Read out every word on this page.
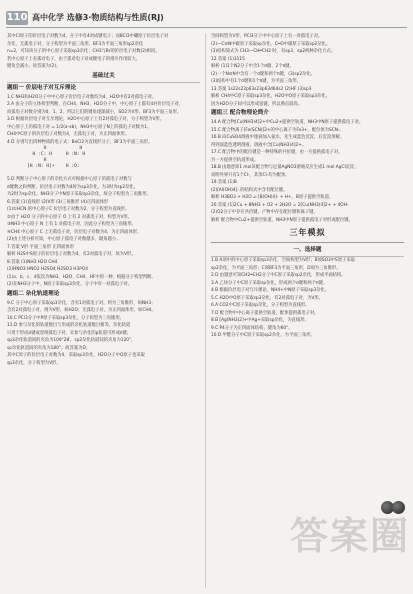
110 高中化学 选修3·物质结构与性质(RJ)
其中Cl原子的价层电子对数为4，分子中有4对成键电子；而BCl3中硼原子价层电子对
杂化，无孤电子对，分子构型为平面三角形。BF3为平面三角形sp2杂化
n=2，可知该分子的中心原子采取sp3杂化；CH3与Br的价层电子对数(2)相同。
若中心原子上有孤对电子，由于孤对电子对成键电子的排斥作用较大，
键角会减小。故答案为(2)。
基础过关
题组一 价层电子对互斥理论
1.C NH3和H2O分子中中心原子价层电子对数均为4，H2O中有2对孤电子对。
2.A 由分子的立体构型判断，在CH4、NH3、H2O分子中，中心原子上都有4对价层电子对，
而孤电子对数分别为0、1、2，所以它们的键角逐渐减小，SO2为V形，BF3为平面三角形。
3.D 根据价层电子对互斥理论，H2O中心原子上有2对孤电子对，分子构型为V形。
中心原子上的孤电子对 = 1/2(a-xb)，NH3中心原子N上的孤电子对数为1。
CH4中C原子的价层电子对数为4，无孤电子对，为正四面体形。
4.D 分别写出四种物质的电子式：BeCl2为直线形分子，BF3为平面三角形。
H            H
H :C: H     H :N: H
H
[H :N: H]+    H :O:
5.D 判断分子中心原子的杂化方式可根据中心原子的孤电子对数与
σ键数之和判断，价层电子对数为4时为sp3杂化，为3时为sp2杂化，
为2时为sp杂化。NH3分子中N原子采取sp3杂化，故分子构型为三角锥形。
6.答案 (1)直线形 (2)V形 (3)三角锥形 (4)正四面体形
(1)①HCN 的中心原子C 价层电子对数为2，分子构型为直线形。
②由于 H2O 分子的中心原子 O 上有 2 对孤电子对，构型为V形。
③NH3 中心原子 N 上有 1 对孤电子对，因此分子构型为三角锥形。
④CH4 中心原子 C 上无孤电子对，价层电子对数为4，为正四面体形。
(2)由上述分析可知，中心原子孤电子对数越多，键角越小。
7.答案 V形 平面三角形 正四面体形
解析 H2S中S原子的价层电子对数为4，有2对孤电子对，故为V形。
8.答案 (1)NH3 H2O CH4
(2)HNO3 HNO2 H2SO4 H2SO3 H3PO4
(1)a、b、c、d依次为NH3、H2O、CH4、HF中的一种，根据分子构型判断。
(2)在NH3分子中，N原子采取sp3杂化，分子中有一对孤电子对。
题组二 杂化轨道理论
9.C 分子中心原子采取sp3杂化，含有1对孤电子对，则为三角锥形，如NH3；
含有2对孤电子对，则为V形，如H2O；无孤电子对，为正四面体形，如CH4。
10.C PCl3分子中P原子采取sp3杂化，分子构型为三角锥形。
11.D 参与杂化的轨道数目与形成的杂化轨道数目相等，杂化轨道
只用于形成σ键或容纳孤电子对，未参与杂化的p轨道可形成π键。
sp3杂化轨道间的夹角为109°28′，sp2杂化轨道间的夹角为120°，
sp杂化轨道间的夹角为180°。故答案为D。
其中C原子的价层电子对数为4，采取sp3杂化，H2O分子中O原子也采取
sp3杂化，分子构型为V形。
空间构型为V形，PCl3分子中中心原子上有一对孤电子对。
(2)—C≡N中碳原子采取sp杂化，C═O中碳原子采取sp2杂化。
(3)结构简式为 CH3—CH═CH2 时，有sp3、sp2两种杂化方式。
12.答案 (1)3115
解析 (1)1个N2分子中含1个σ键、2个π键。
(2)一个N≡N中含有一个σ键和两个π键，(3)sp2杂化。
(3)结构中有1个σ键和1个π键，为平面三角形。
13.答案 1s22s22p63s23p63d64s2 (2)HF (3)sp3
解析 CH4中C原子采取sp3杂化，H2O中O原子采取sp3杂化。
因为H2O分子间可以形成氢键，所以沸点较高。
题组三 配合物理论简介
14.A 配合物[Cu(NH3)4]2+中Cu2+提供空轨道，NH3中N原子提供孤电子对。
15.C 配合物离子[Fe(SCN)]2+的中心离子为Fe3+，配位体为SCN-。
16.B 向CuSO4溶液中逐滴加入氨水，先生成蓝色沉淀，后沉淀溶解。
得到深蓝色透明溶液，溶液中含[Cu(NH3)4]2+。
17.C 配合物中的配位键是一种特殊的共价键，由一方提供孤电子对。
另一方提供空轨道形成。
18.B 由题意知1 mol该配合物与足量AgNO3溶液反应生成1 mol AgCl沉淀，
说明外界只有1个Cl-，其余Cl-均为配体。
19.答案 (1)B
(2)[Al(OH)4]- 的结构式中含有配位键。
解析 H3BO3 + H2O ⇌ [B(OH)4]- + H+，B原子提供空轨道。
20.答案 (1)2Cu + 8NH3 + O2 + 2H2O = 2[Cu(NH3)4]2+ + 4OH-
(2)O2分子中存在共价键，产物中存在配位键和离子键。
解析 配合物中Cu2+提供空轨道，NH3中N原子提供孤电子对形成配位键。
三年模拟
一、选择题
1.B A项中的中心原子采取sp3杂化，空间构型为V形；B项SO3中S原子采取
sp2杂化，为平面三角形；C项BF3为平面三角形，D项为三角锥形。
2.D 由题意可知CH2═CH2分子中C原子采取sp2杂化，形成平面结构。
3.A 乙炔分子中C原子采取sp杂化，形成两个σ键和两个π键。
4.B 根据价层电子对互斥理论，NH4+中N原子采取sp3杂化。
5.C H2O中O原子采取sp3杂化，有2对孤电子对，为V形。
6.A CO2中C原子采取sp杂化，分子构型为直线形。
7.D 配合物中中心离子提供空轨道，配体提供孤电子对。
8.B [Ag(NH3)2]+中Ag+采取sp杂化，为直线形。
9.C P4分子为正四面体结构，键角为60°。
10.D 甲醛分子中C原子采取sp2杂化，为平面三角形。
答案圈
